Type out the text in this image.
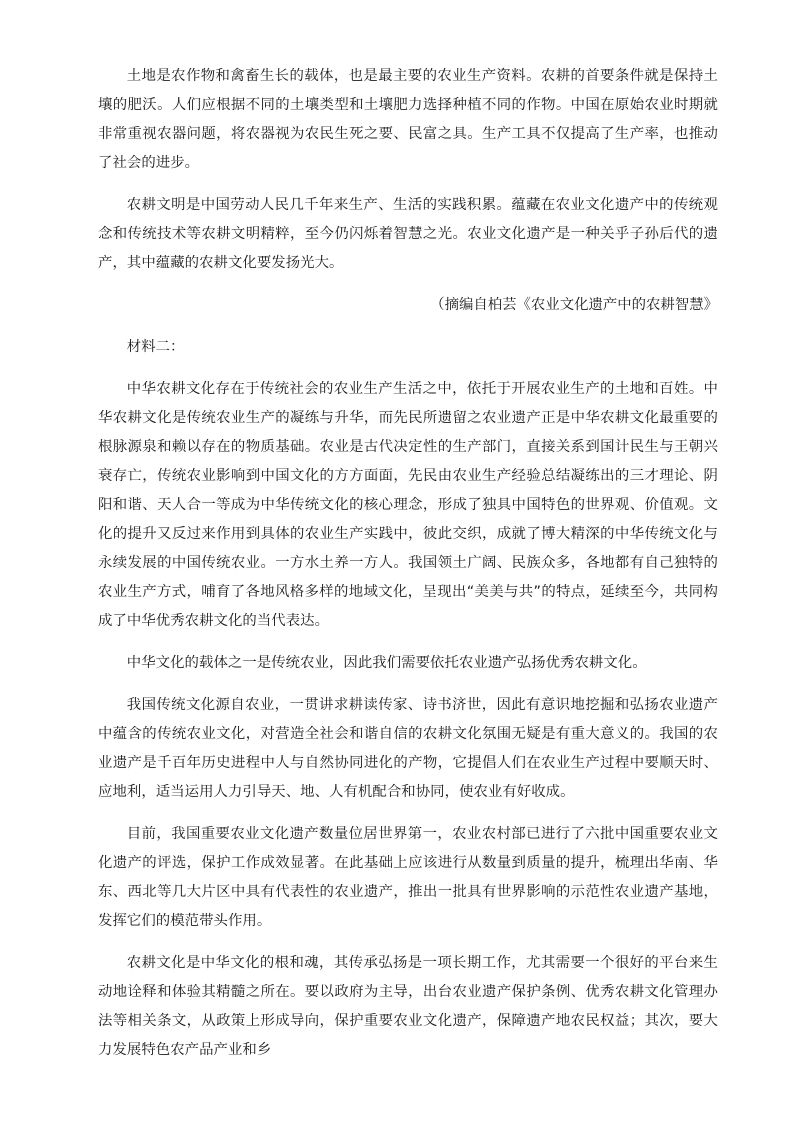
土地是农作物和禽畜生长的载体，也是最主要的农业生产资料。农耕的首要条件就是保持土壤的肥沃。人们应根据不同的土壤类型和土壤肥力选择种植不同的作物。中国在原始农业时期就非常重视农器问题，将农器视为农民生死之要、民富之具。生产工具不仅提高了生产率，也推动了社会的进步。

农耕文明是中国劳动人民几千年来生产、生活的实践积累。蕴藏在农业文化遗产中的传统观念和传统技术等农耕文明精粹，至今仍闪烁着智慧之光。农业文化遗产是一种关乎子孙后代的遗产，其中蕴藏的农耕文化要发扬光大。

（摘编自柏芸《农业文化遗产中的农耕智慧》

材料二：

中华农耕文化存在于传统社会的农业生产生活之中，依托于开展农业生产的土地和百姓。中华农耕文化是传统农业生产的凝练与升华，而先民所遗留之农业遗产正是中华农耕文化最重要的根脉源泉和赖以存在的物质基础。农业是古代决定性的生产部门，直接关系到国计民生与王朝兴衰存亡，传统农业影响到中国文化的方方面面，先民由农业生产经验总结凝练出的三才理论、阴阳和谐、天人合一等成为中华传统文化的核心理念，形成了独具中国特色的世界观、价值观。文化的提升又反过来作用到具体的农业生产实践中，彼此交织，成就了博大精深的中华传统文化与永续发展的中国传统农业。一方水土养一方人。我国领土广阔、民族众多，各地都有自己独特的农业生产方式，哺育了各地风格多样的地域文化，呈现出“美美与共”的特点，延续至今，共同构成了中华优秀农耕文化的当代表达。

中华文化的载体之一是传统农业，因此我们需要依托农业遗产弘扬优秀农耕文化。

我国传统文化源自农业，一贯讲求耕读传家、诗书济世，因此有意识地挖掘和弘扬农业遗产中蕴含的传统农业文化，对营造全社会和谐自信的农耕文化氛围无疑是有重大意义的。我国的农业遗产是千百年历史进程中人与自然协同进化的产物，它提倡人们在农业生产过程中要顺天时、应地利，适当运用人力引导天、地、人有机配合和协同，使农业有好收成。

目前，我国重要农业文化遗产数量位居世界第一，农业农村部已进行了六批中国重要农业文化遗产的评选，保护工作成效显著。在此基础上应该进行从数量到质量的提升，梳理出华南、华东、西北等几大片区中具有代表性的农业遗产，推出一批具有世界影响的示范性农业遗产基地，发挥它们的模范带头作用。

农耕文化是中华文化的根和魂，其传承弘扬是一项长期工作，尤其需要一个很好的平台来生动地诠释和体验其精髓之所在。要以政府为主导，出台农业遗产保护条例、优秀农耕文化管理办法等相关条文，从政策上形成导向，保护重要农业文化遗产，保障遗产地农民权益；其次，要大力发展特色农产品产业和乡
